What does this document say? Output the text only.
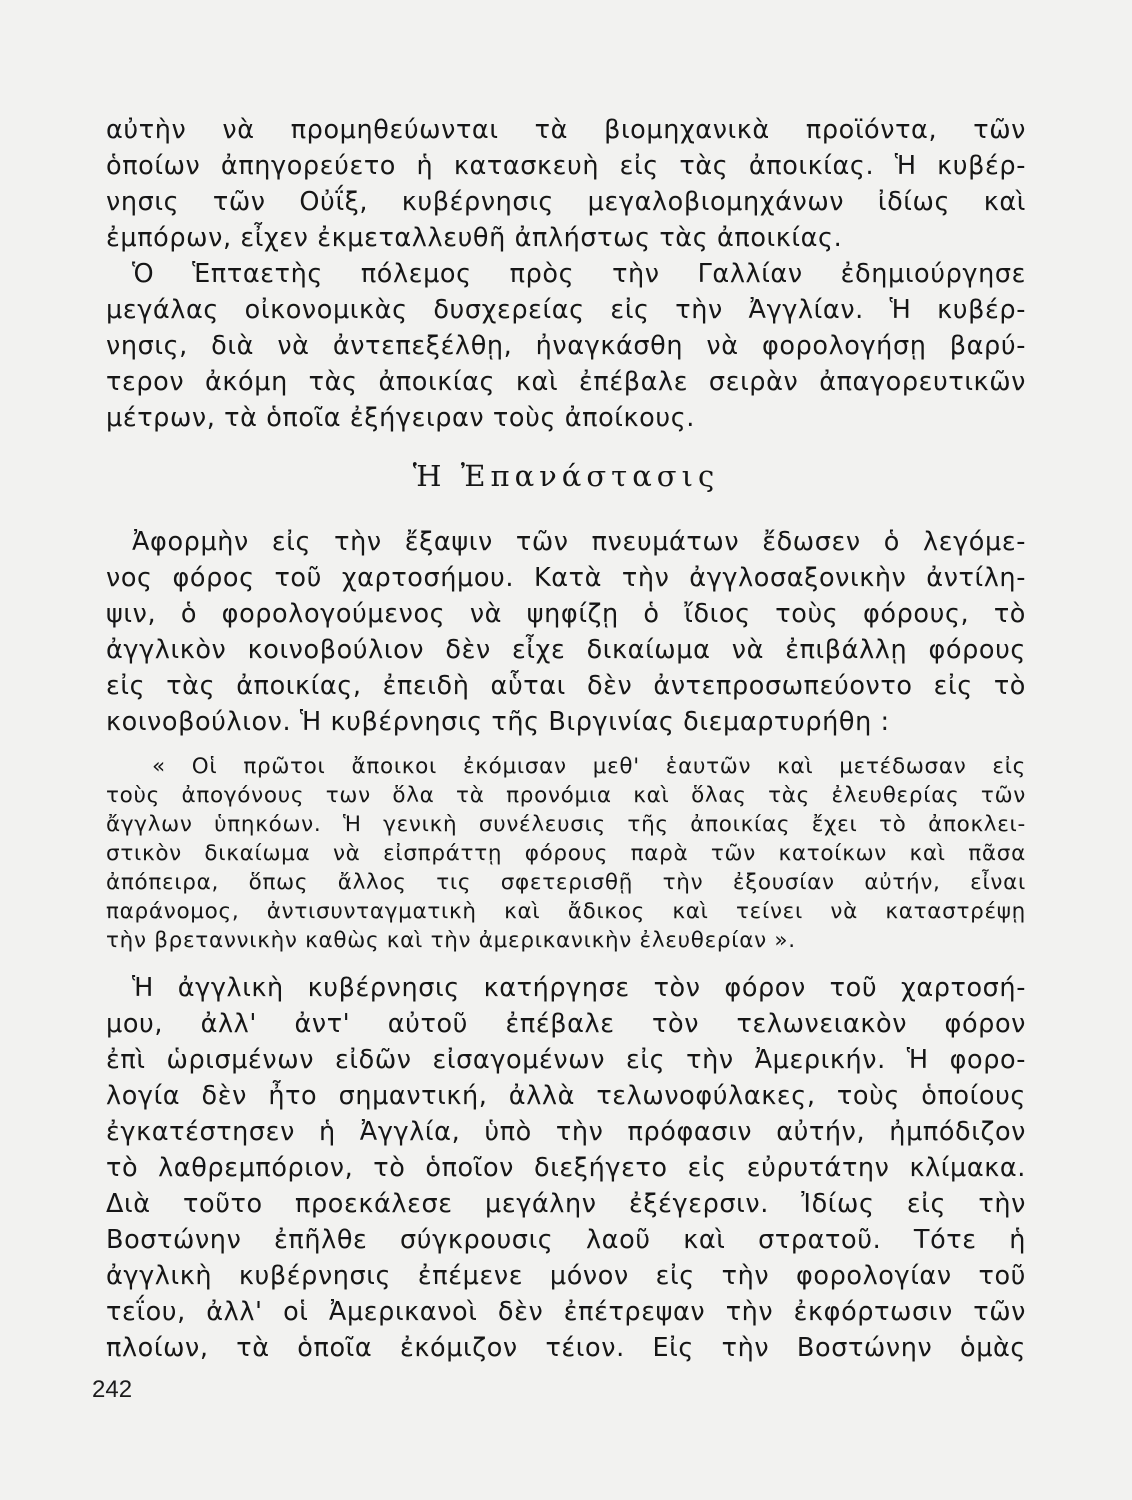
αὐτὴν νὰ προμηθεύωνται τὰ βιομηχανικὰ προϊόντα, τῶν
ὁποίων ἀπηγορεύετο ἡ κατασκευὴ εἰς τὰς ἀποικίας. Ἡ κυβέρ-
νησις τῶν Οὐΐξ, κυβέρνησις μεγαλοβιομηχάνων ἰδίως καὶ
ἐμπόρων, εἶχεν ἐκμεταλλευθῆ ἀπλήστως τὰς ἀποικίας.
Ὁ Ἑπταετὴς πόλεμος πρὸς τὴν Γαλλίαν ἐδημιούργησε
μεγάλας οἰκονομικὰς δυσχερείας εἰς τὴν Ἀγγλίαν. Ἡ κυβέρ-
νησις, διὰ νὰ ἀντεπεξέλθῃ, ἠναγκάσθη νὰ φορολογήσῃ βαρύ-
τερον ἀκόμη τὰς ἀποικίας καὶ ἐπέβαλε σειρὰν ἀπαγορευτικῶν
μέτρων, τὰ ὁποῖα ἐξήγειραν τοὺς ἀποίκους.
Ἡ Ἐπανάστασις
Ἀφορμὴν εἰς τὴν ἔξαψιν τῶν πνευμάτων ἔδωσεν ὁ λεγόμε-
νος φόρος τοῦ χαρτοσήμου. Κατὰ τὴν ἀγγλοσαξονικὴν ἀντίλη-
ψιν, ὁ φορολογούμενος νὰ ψηφίζῃ ὁ ἴδιος τοὺς φόρους, τὸ
ἀγγλικὸν κοινοβούλιον δὲν εἶχε δικαίωμα νὰ ἐπιβάλλῃ φόρους
εἰς τὰς ἀποικίας, ἐπειδὴ αὗται δὲν ἀντεπροσωπεύοντο εἰς τὸ
κοινοβούλιον. Ἡ κυβέρνησις τῆς Βιργινίας διεμαρτυρήθη :
« Οἱ πρῶτοι ἄποικοι ἐκόμισαν μεθ' ἑαυτῶν καὶ μετέδωσαν εἰς
τοὺς ἀπογόνους των ὅλα τὰ προνόμια καὶ ὅλας τὰς ἐλευθερίας τῶν
ἄγγλων ὑπηκόων. Ἡ γενικὴ συνέλευσις τῆς ἀποικίας ἔχει τὸ ἀποκλει-
στικὸν δικαίωμα νὰ εἰσπράττῃ φόρους παρὰ τῶν κατοίκων καὶ πᾶσα
ἀπόπειρα, ὅπως ἄλλος τις σφετερισθῇ τὴν ἐξουσίαν αὐτήν, εἶναι
παράνομος, ἀντισυνταγματικὴ καὶ ἄδικος καὶ τείνει νὰ καταστρέψῃ
τὴν βρεταννικὴν καθὼς καὶ τὴν ἀμερικανικὴν ἐλευθερίαν ».
Ἡ ἀγγλικὴ κυβέρνησις κατήργησε τὸν φόρον τοῦ χαρτοσή-
μου, ἀλλ' ἀντ' αὐτοῦ ἐπέβαλε τὸν τελωνειακὸν φόρον
ἐπὶ ὡρισμένων εἰδῶν εἰσαγομένων εἰς τὴν Ἀμερικήν. Ἡ φορο-
λογία δὲν ἦτο σημαντική, ἀλλὰ τελωνοφύλακες, τοὺς ὁποίους
ἐγκατέστησεν ἡ Ἀγγλία, ὑπὸ τὴν πρόφασιν αὐτήν, ἠμπόδιζον
τὸ λαθρεμπόριον, τὸ ὁποῖον διεξήγετο εἰς εὐρυτάτην κλίμακα.
Διὰ τοῦτο προεκάλεσε μεγάλην ἐξέγερσιν. Ἰδίως εἰς τὴν
Βοστώνην ἐπῆλθε σύγκρουσις λαοῦ καὶ στρατοῦ. Τότε ἡ
ἀγγλικὴ κυβέρνησις ἐπέμενε μόνον εἰς τὴν φορολογίαν τοῦ
τεΐου, ἀλλ' οἱ Ἀμερικανοὶ δὲν ἐπέτρεψαν τὴν ἐκφόρτωσιν τῶν
πλοίων, τὰ ὁποῖα ἐκόμιζον τέιον. Εἰς τὴν Βοστώνην ὁμὰς
242
